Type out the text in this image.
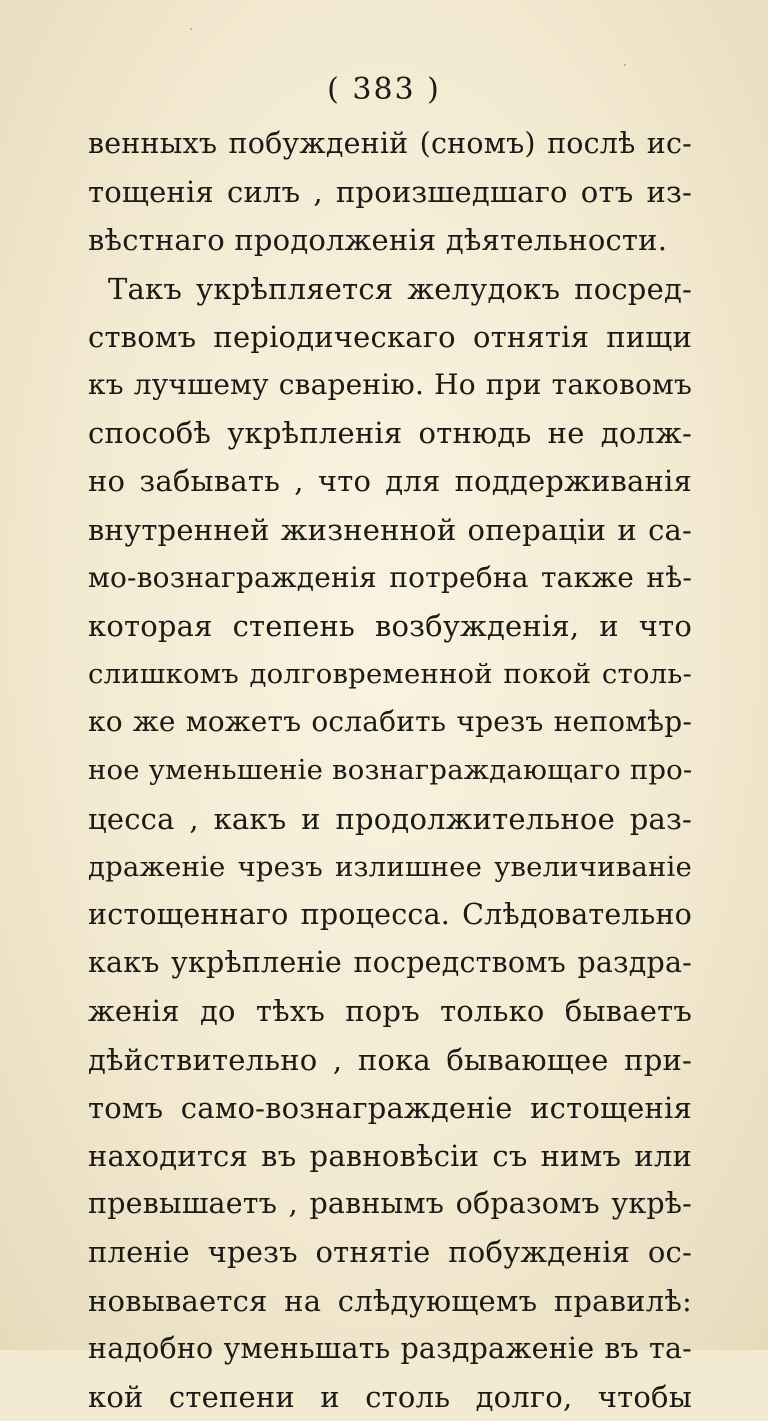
( 383 )
венныхъ побужденій (сномъ) послѣ ис-
тощенія силъ , произшедшаго отъ из-
вѣстнаго продолженія дѣятельности.
Такъ укрѣпляется желудокъ посред-
ствомъ періодическаго отнятія пищи
къ лучшему сваренію. Но при таковомъ
способѣ укрѣпленія отнюдь не долж-
но забывать , что для поддерживанія
внутренней жизненной операціи и са-
мо-вознагражденія потребна также нѣ-
которая степень возбужденія, и что
слишкомъ долговременной покой столь-
ко же можетъ ослабить чрезъ непомѣр-
ное уменьшеніе вознаграждающаго про-
цесса , какъ и продолжительное раз-
драженіе чрезъ излишнее увеличиваніе
истощеннаго процесса. Слѣдовательно
какъ укрѣпленіе посредствомъ раздра-
женія до тѣхъ поръ только бываетъ
дѣйствительно , пока бывающее при-
томъ само-вознагражденіе истощенія
находится въ равновѣсіи съ нимъ или
превышаетъ , равнымъ образомъ укрѣ-
пленіе чрезъ отнятіе побужденія ос-
новывается на слѣдующемъ правилѣ:
надобно уменьшать раздраженіе въ та-
кой степени и столь долго, чтобы
